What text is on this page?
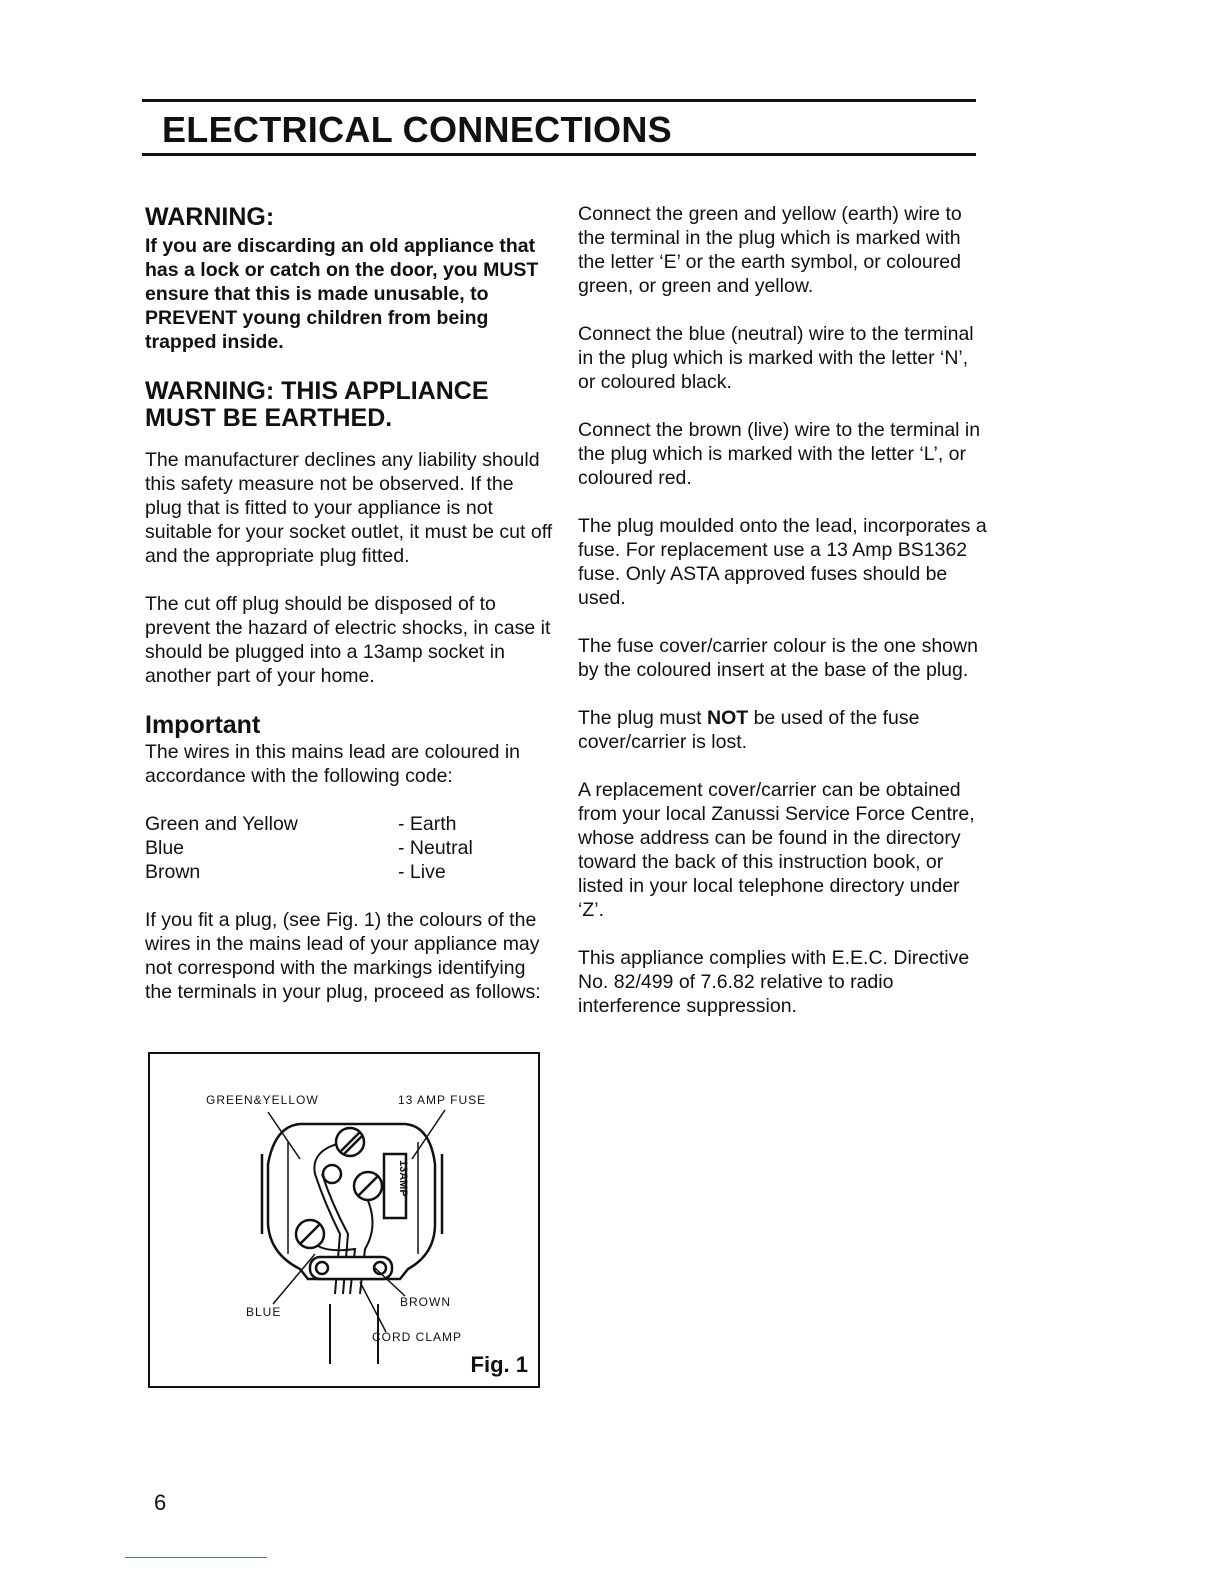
ELECTRICAL CONNECTIONS
WARNING:

If you are discarding an old appliance that has a lock or catch on the door, you MUST ensure that this is made unusable, to PREVENT young children from being trapped inside.

WARNING: THIS APPLIANCE
MUST BE EARTHED.

The manufacturer declines any liability should this safety measure not be observed. If the plug that is fitted to your appliance is not suitable for your socket outlet, it must be cut off and the appropriate plug fitted.

The cut off plug should be disposed of to prevent the hazard of electric shocks, in case it should be plugged into a 13amp socket in another part of your home.

Important

The wires in this mains lead are coloured in accordance with the following code:

Green and Yellow	- Earth
Blue	- Neutral
Brown	- Live

If you fit a plug, (see Fig. 1) the colours of the wires in the mains lead of your appliance may not correspond with the markings identifying the terminals in your plug, proceed as follows:

GREEN&YELLOW	13 AMP FUSE
BLUE
BROWN
CORD CLAMP
13AMP
Fig. 1

Connect the green and yellow (earth) wire to the terminal in the plug which is marked with the letter ‘E’ or the earth symbol, or coloured green, or green and yellow.

Connect the blue (neutral) wire to the terminal in the plug which is marked with the letter ‘N’, or coloured black.

Connect the brown (live) wire to the terminal in the plug which is marked with the letter ‘L’, or coloured red.

The plug moulded onto the lead, incorporates a fuse. For replacement use a 13 Amp BS1362 fuse. Only ASTA approved fuses should be used.

The fuse cover/carrier colour is the one shown by the coloured insert at the base of the plug.

The plug must NOT be used of the fuse cover/carrier is lost.

A replacement cover/carrier can be obtained from your local Zanussi Service Force Centre, whose address can be found in the directory toward the back of this instruction book, or listed in your local telephone directory under ‘Z’.

This appliance complies with E.E.C. Directive No. 82/499 of 7.6.82 relative to radio interference suppression.

6
